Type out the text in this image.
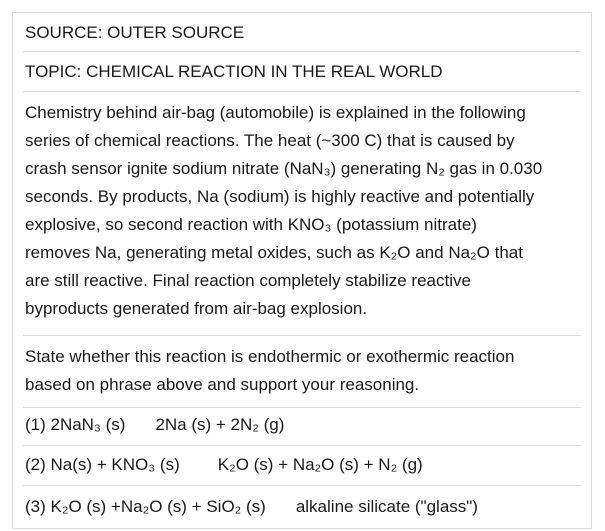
SOURCE: OUTER SOURCE
TOPIC: CHEMICAL REACTION IN THE REAL WORLD
Chemistry behind air-bag (automobile) is explained in the following
series of chemical reactions. The heat (~300 C) that is caused by
crash sensor ignite sodium nitrate (NaN₃) generating N₂ gas in 0.030
seconds. By products, Na (sodium) is highly reactive and potentially
explosive, so second reaction with KNO₃ (potassium nitrate)
removes Na, generating metal oxides, such as K₂O and Na₂O that
are still reactive. Final reaction completely stabilize reactive
byproducts generated from air-bag explosion.
State whether this reaction is endothermic or exothermic reaction
based on phrase above and support your reasoning.
(1) 2NaN₃ (s) 2Na (s) + 2N₂ (g)
(2) Na(s) + KNO₃ (s) K₂O (s) + Na₂O (s) + N₂ (g)
(3) K₂O (s) +Na₂O (s) + SiO₂ (s) alkaline silicate ("glass")
